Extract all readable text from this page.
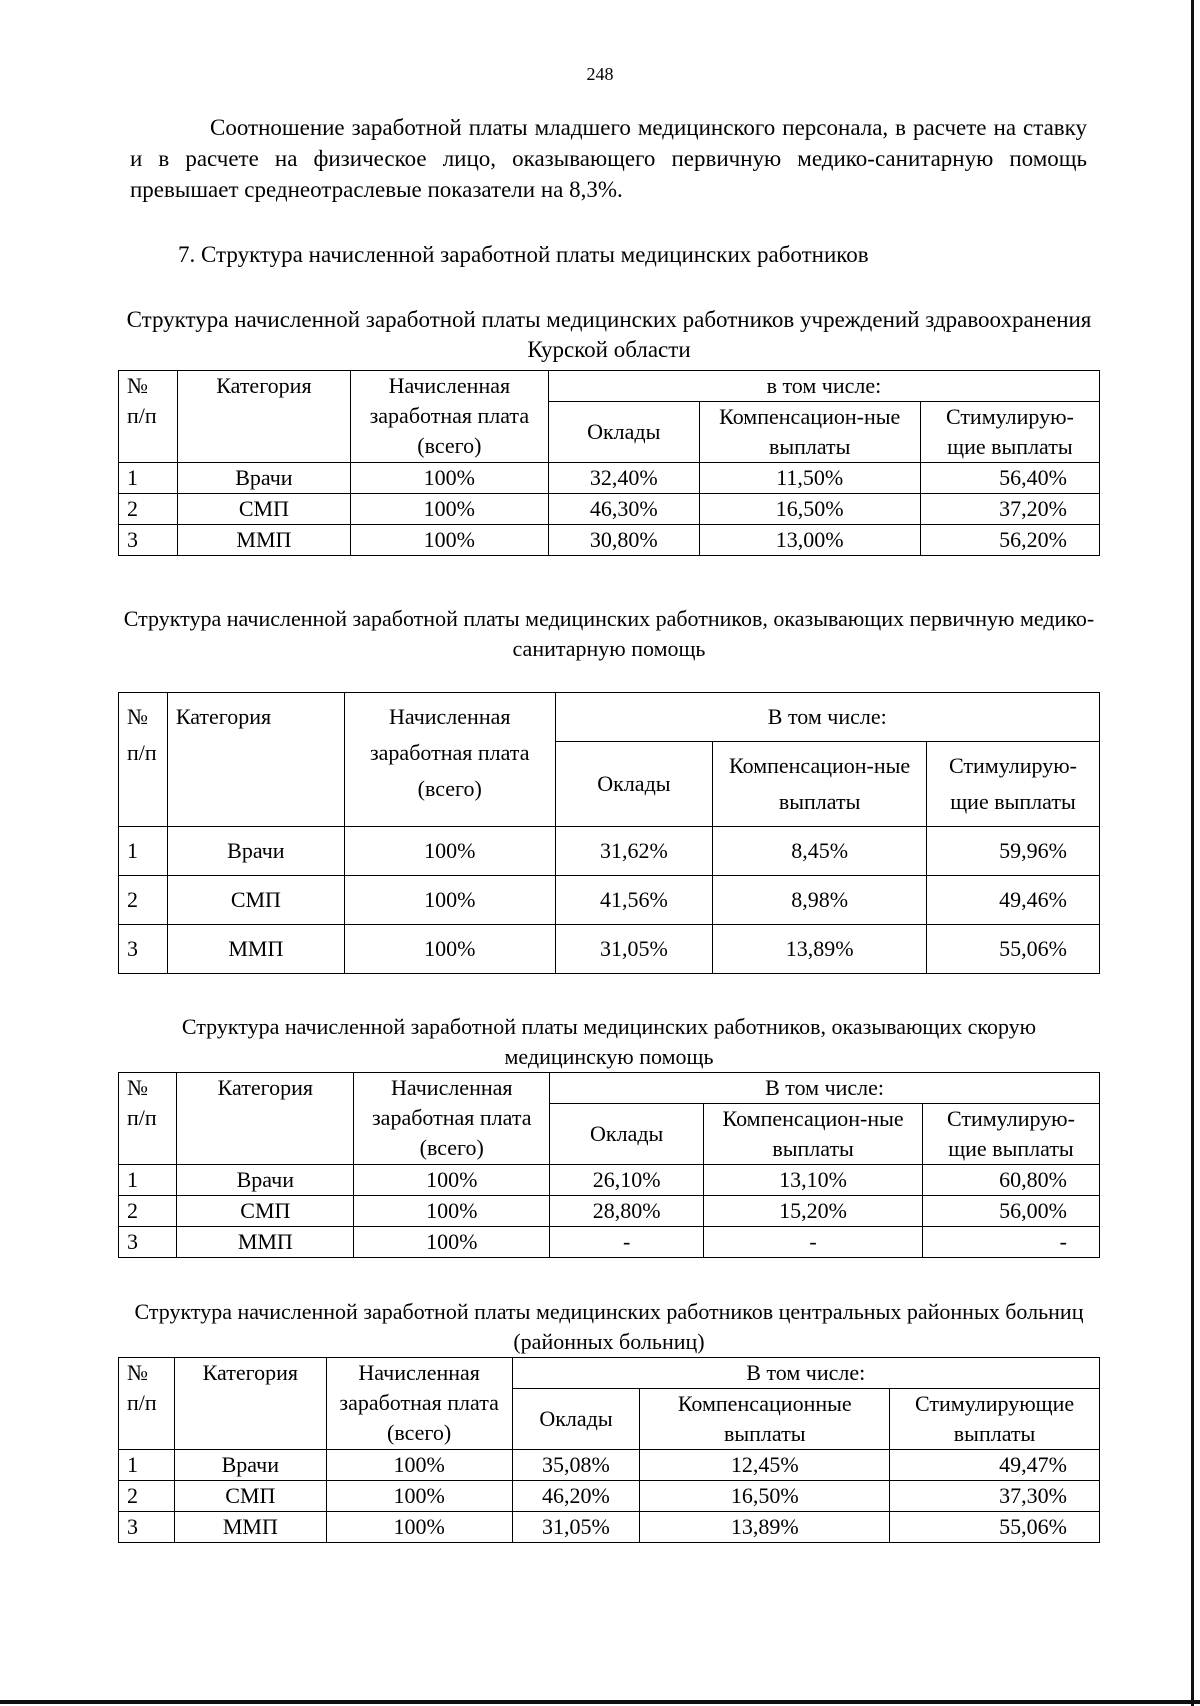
248

Соотношение заработной платы младшего медицинского персонала, в расчете на ставку и в расчете на физическое лицо, оказывающего первичную медико-санитарную помощь превышает среднеотраслевые показатели на 8,3%.

7. Структура начисленной заработной платы медицинских работников

Структура начисленной заработной платы медицинских работников учреждений здравоохранения Курской области

№ п/п	Категория	Начисленная заработная плата (всего)	в том числе:		
			Оклады	Компенсацион-ные выплаты	Стимулирую-щие выплаты
1	Врачи	100%	32,40%	11,50%	56,40%
2	СМП	100%	46,30%	16,50%	37,20%
3	ММП	100%	30,80%	13,00%	56,20%

Структура начисленной заработной платы медицинских работников, оказывающих первичную медико-санитарную помощь

№ п/п	Категория	Начисленная заработная плата (всего)	В том числе:		
			Оклады	Компенсацион-ные выплаты	Стимулирую-щие выплаты
1	Врачи	100%	31,62%	8,45%	59,96%
2	СМП	100%	41,56%	8,98%	49,46%
3	ММП	100%	31,05%	13,89%	55,06%

Структура начисленной заработной платы медицинских работников, оказывающих скорую медицинскую помощь

№ п/п	Категория	Начисленная заработная плата (всего)	В том числе:		
			Оклады	Компенсацион-ные выплаты	Стимулирую-щие выплаты
1	Врачи	100%	26,10%	13,10%	60,80%
2	СМП	100%	28,80%	15,20%	56,00%
3	ММП	100%	-	-	-

Структура начисленной заработной платы медицинских работников центральных районных больниц (районных больниц)

№ п/п	Категория	Начисленная заработная плата (всего)	В том числе:		
			Оклады	Компенсационные выплаты	Стимулирующие выплаты
1	Врачи	100%	35,08%	12,45%	49,47%
2	СМП	100%	46,20%	16,50%	37,30%
3	ММП	100%	31,05%	13,89%	55,06%
